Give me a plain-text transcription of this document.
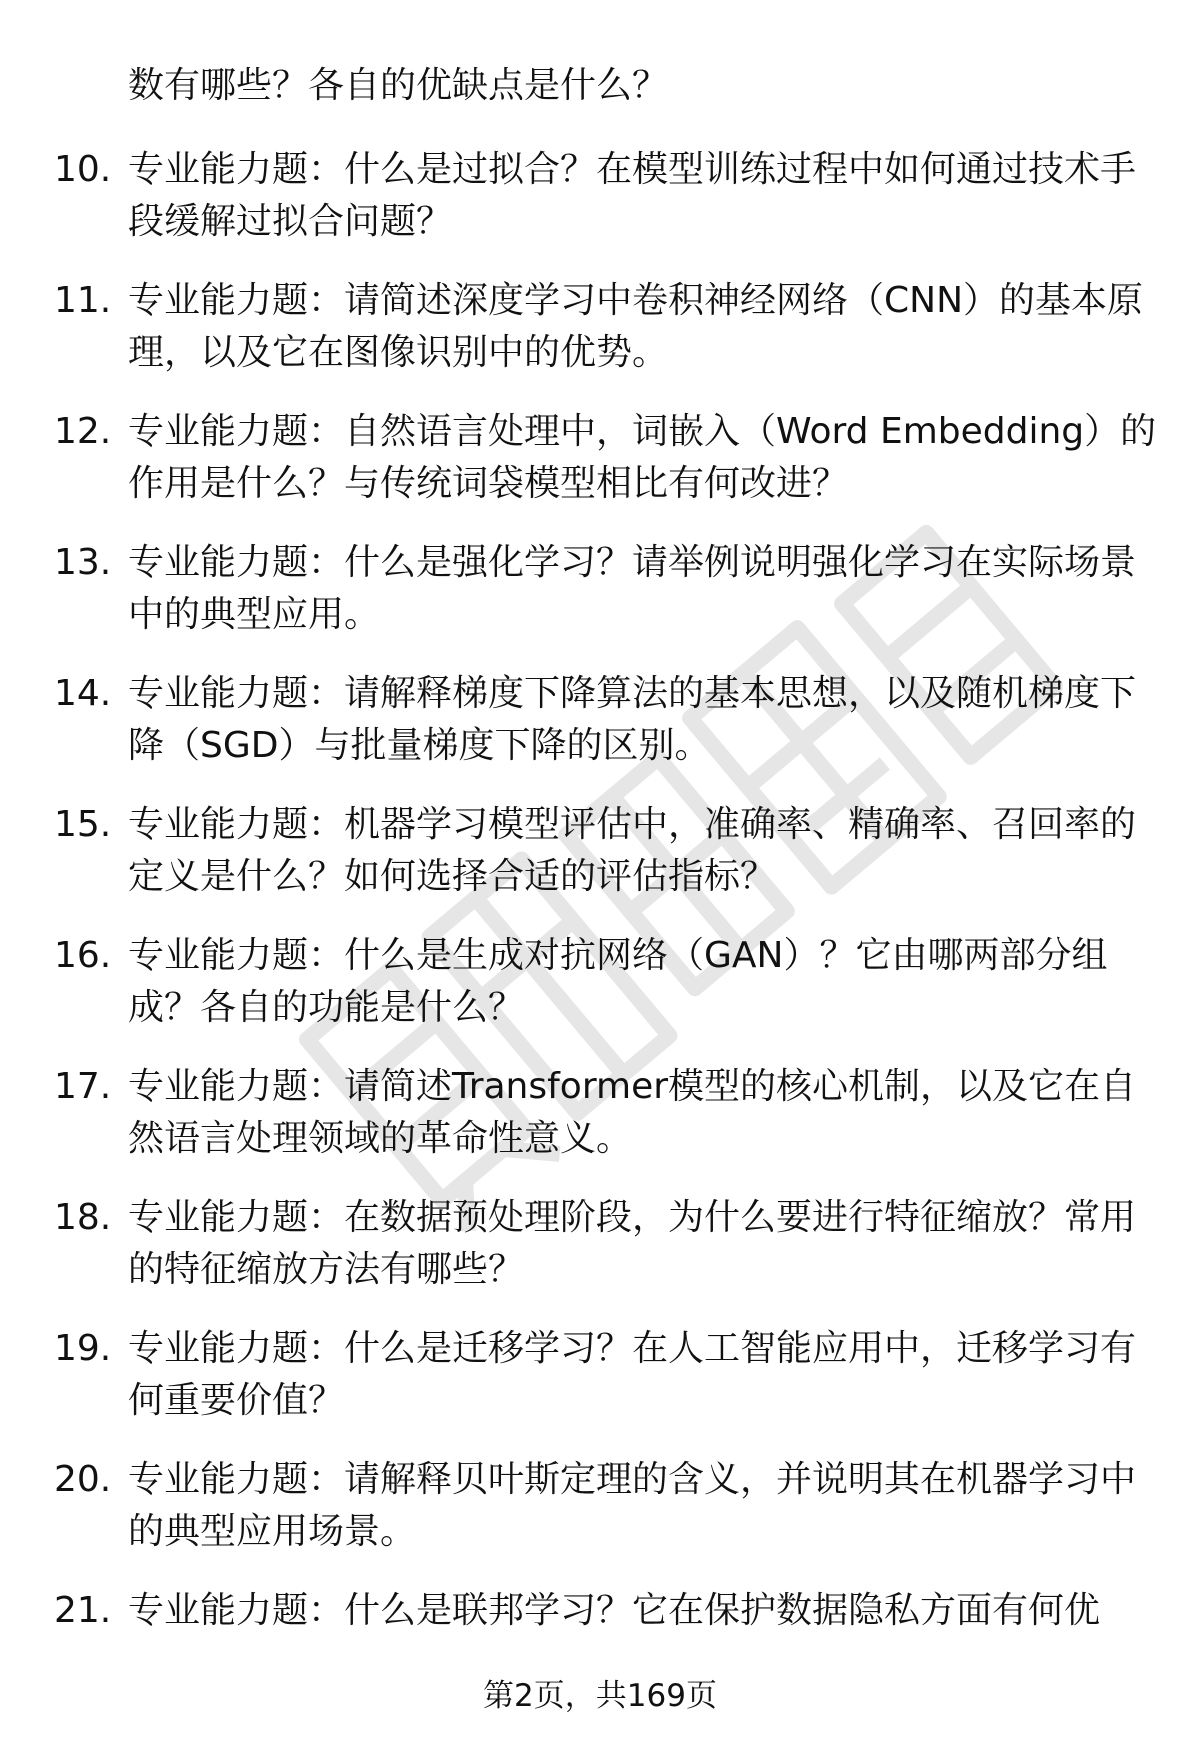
数有哪些？各自的优缺点是什么？

10. 专业能力题：什么是过拟合？在模型训练过程中如何通过技术手段缓解过拟合问题？

11. 专业能力题：请简述深度学习中卷积神经网络（CNN）的基本原理，以及它在图像识别中的优势。

12. 专业能力题：自然语言处理中，词嵌入（Word Embedding）的作用是什么？与传统词袋模型相比有何改进？

13. 专业能力题：什么是强化学习？请举例说明强化学习在实际场景中的典型应用。

14. 专业能力题：请解释梯度下降算法的基本思想，以及随机梯度下降（SGD）与批量梯度下降的区别。

15. 专业能力题：机器学习模型评估中，准确率、精确率、召回率的定义是什么？如何选择合适的评估指标？

16. 专业能力题：什么是生成对抗网络（GAN）？它由哪两部分组成？各自的功能是什么？

17. 专业能力题：请简述Transformer模型的核心机制，以及它在自然语言处理领域的革命性意义。

18. 专业能力题：在数据预处理阶段，为什么要进行特征缩放？常用的特征缩放方法有哪些？

19. 专业能力题：什么是迁移学习？在人工智能应用中，迁移学习有何重要价值？

20. 专业能力题：请解释贝叶斯定理的含义，并说明其在机器学习中的典型应用场景。

21. 专业能力题：什么是联邦学习？它在保护数据隐私方面有何优

第2页，共169页
